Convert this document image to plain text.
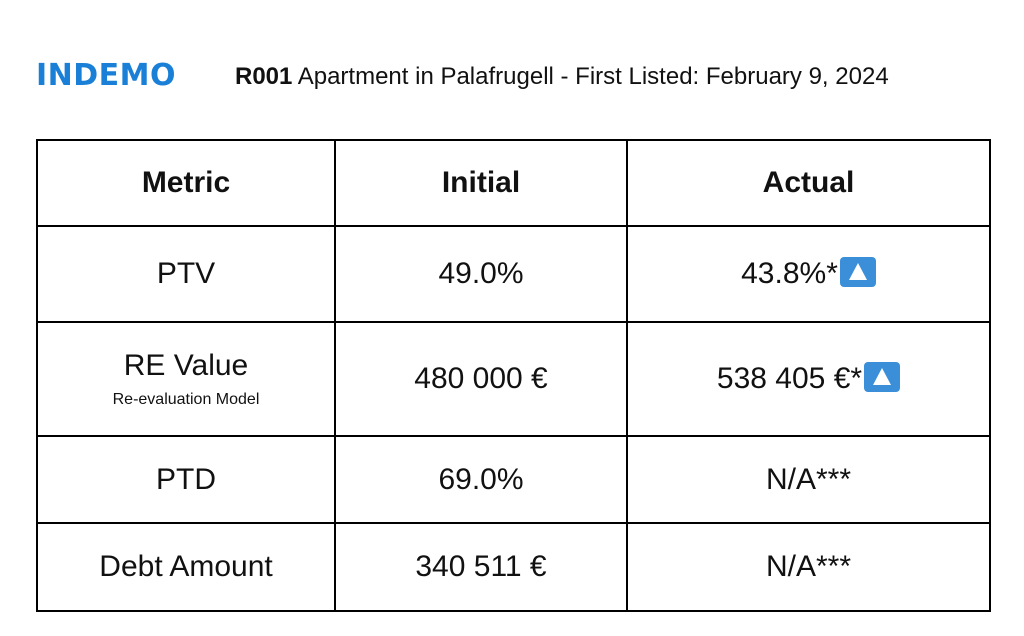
INDEMO R001 Apartment in Palafrugell - First Listed: February 9, 2024
Metric	Initial	Actual
PTV	49.0%	43.8%*
RE Value
Re-evaluation Model	480 000 €	538 405 €*
PTD	69.0%	N/A***
Debt Amount	340 511 €	N/A***
